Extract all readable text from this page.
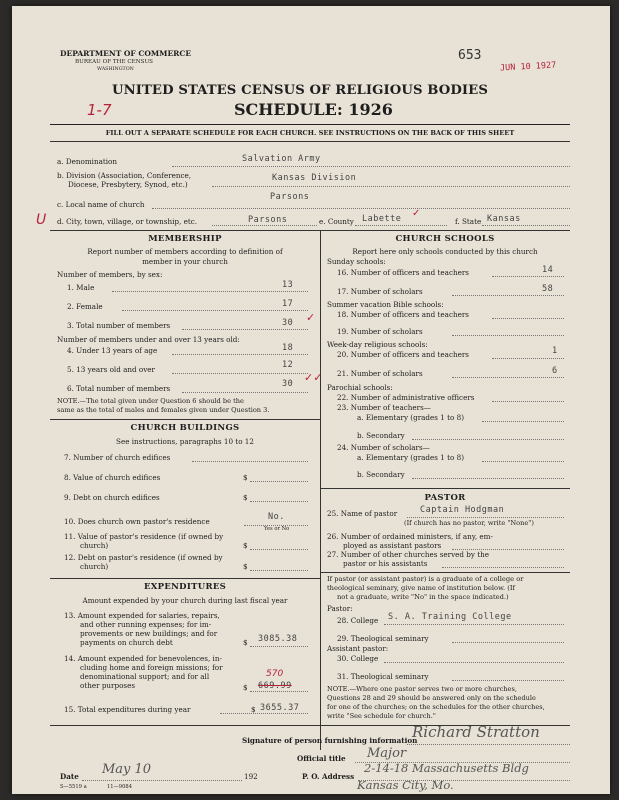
DEPARTMENT OF COMMERCE
BUREAU OF THE CENSUS
WASHINGTON
653
JUN 10 1927
UNITED STATES CENSUS OF RELIGIOUS BODIES
SCHEDULE: 1926
1-7
FILL OUT A SEPARATE SCHEDULE FOR EACH CHURCH. SEE INSTRUCTIONS ON THE BACK OF THIS SHEET
a. Denomination	Salvation Army
b. Division (Association, Conference,
Diocese, Presbytery, Synod, etc.)
Kansas Division
Parsons
c. Local name of church
U d. City, town, village, or township, etc.	Parsons	e. County Labette ✓
f. State Kansas
MEMBERSHIP
Report number of members according to definition of
member in your church
Number of members, by sex:
1. Male	13
2. Female	17
3. Total number of members	30 ✓
Number of members under and over 13 years old:
4. Under 13 years of age	18
5. 13 years old and over	12
6. Total number of members	30 ✓✓
NOTE.—The total given under Question 6 should be the
same as the total of males and females given under Question 3.
CHURCH BUILDINGS
See instructions, paragraphs 10 to 12
7. Number of church edifices
8. Value of church edifices	$
9. Debt on church edifices	$
10. Does church own pastor's residence	No.
Yes or No
11. Value of pastor's residence (if owned by
church)	$
12. Debt on pastor's residence (if owned by
church)	$
EXPENDITURES
Amount expended by your church during last fiscal year
13. Amount expended for salaries, repairs,
and other running expenses; for im-
provements or new buildings; and for
payments on church debt	$ 3085.38
14. Amount expended for benevolences, in-
cluding home and foreign missions; for
denominational support; and for all
other purposes
570
$ 669.99
15. Total expenditures during year	$ 3655.37
CHURCH SCHOOLS
Report here only schools conducted by this church
Sunday schools:
16. Number of officers and teachers	14
17. Number of scholars	58
Summer vacation Bible schools:
18. Number of officers and teachers
19. Number of scholars
Week-day religious schools:
20. Number of officers and teachers	1
21. Number of scholars	6
Parochial schools:
22. Number of administrative officers
23. Number of teachers—
a. Elementary (grades 1 to 8)
b. Secondary
24. Number of scholars—
a. Elementary (grades 1 to 8)
b. Secondary
PASTOR
25. Name of pastor	Captain Hodgman
(If church has no pastor, write "None")
26. Number of ordained ministers, if any, em-
ployed as assistant pastors
27. Number of other churches served by the
pastor or his assistants
If pastor (or assistant pastor) is a graduate of a college or
theological seminary, give name of institution below. (If
not a graduate, write "No" in the space indicated.)
Pastor:
28. College S. A. Training College
29. Theological seminary
Assistant pastor:
30. College
31. Theological seminary
NOTE.—Where one pastor serves two or more churches,
Questions 28 and 29 should be answered only on the schedule
for one of the churches; on the schedules for the other churches,
write "See schedule for church."
Signature of person furnishing information
Richard Stratton
Official title Major
Date May 10	192	P. O. Address
2-14-18 Massachusetts Bldg
Kansas City, Mo.
S—5519 a	11—9084
